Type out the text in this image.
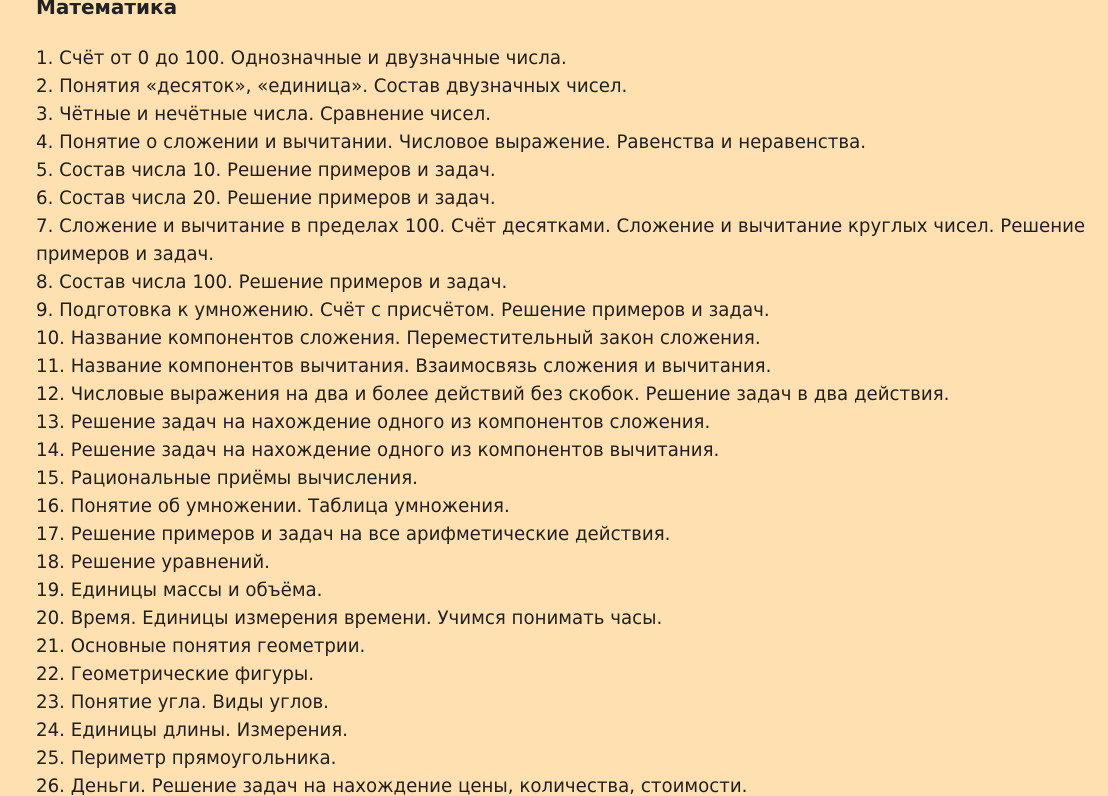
Математика
1. Счёт от 0 до 100. Однозначные и двузначные числа.
2. Понятия «десяток», «единица». Состав двузначных чисел.
3. Чётные и нечётные числа. Сравнение чисел.
4. Понятие о сложении и вычитании. Числовое выражение. Равенства и неравенства.
5. Состав числа 10. Решение примеров и задач.
6. Состав числа 20. Решение примеров и задач.
7. Сложение и вычитание в пределах 100. Счёт десятками. Сложение и вычитание круглых чисел. Решение примеров и задач.
8. Состав числа 100. Решение примеров и задач.
9. Подготовка к умножению. Счёт с присчётом. Решение примеров и задач.
10. Название компонентов сложения. Переместительный закон сложения.
11. Название компонентов вычитания. Взаимосвязь сложения и вычитания.
12. Числовые выражения на два и более действий без скобок. Решение задач в два действия.
13. Решение задач на нахождение одного из компонентов сложения.
14. Решение задач на нахождение одного из компонентов вычитания.
15. Рациональные приёмы вычисления.
16. Понятие об умножении. Таблица умножения.
17. Решение примеров и задач на все арифметические действия.
18. Решение уравнений.
19. Единицы массы и объёма.
20. Время. Единицы измерения времени. Учимся понимать часы.
21. Основные понятия геометрии.
22. Геометрические фигуры.
23. Понятие угла. Виды углов.
24. Единицы длины. Измерения.
25. Периметр прямоугольника.
26. Деньги. Решение задач на нахождение цены, количества, стоимости.
